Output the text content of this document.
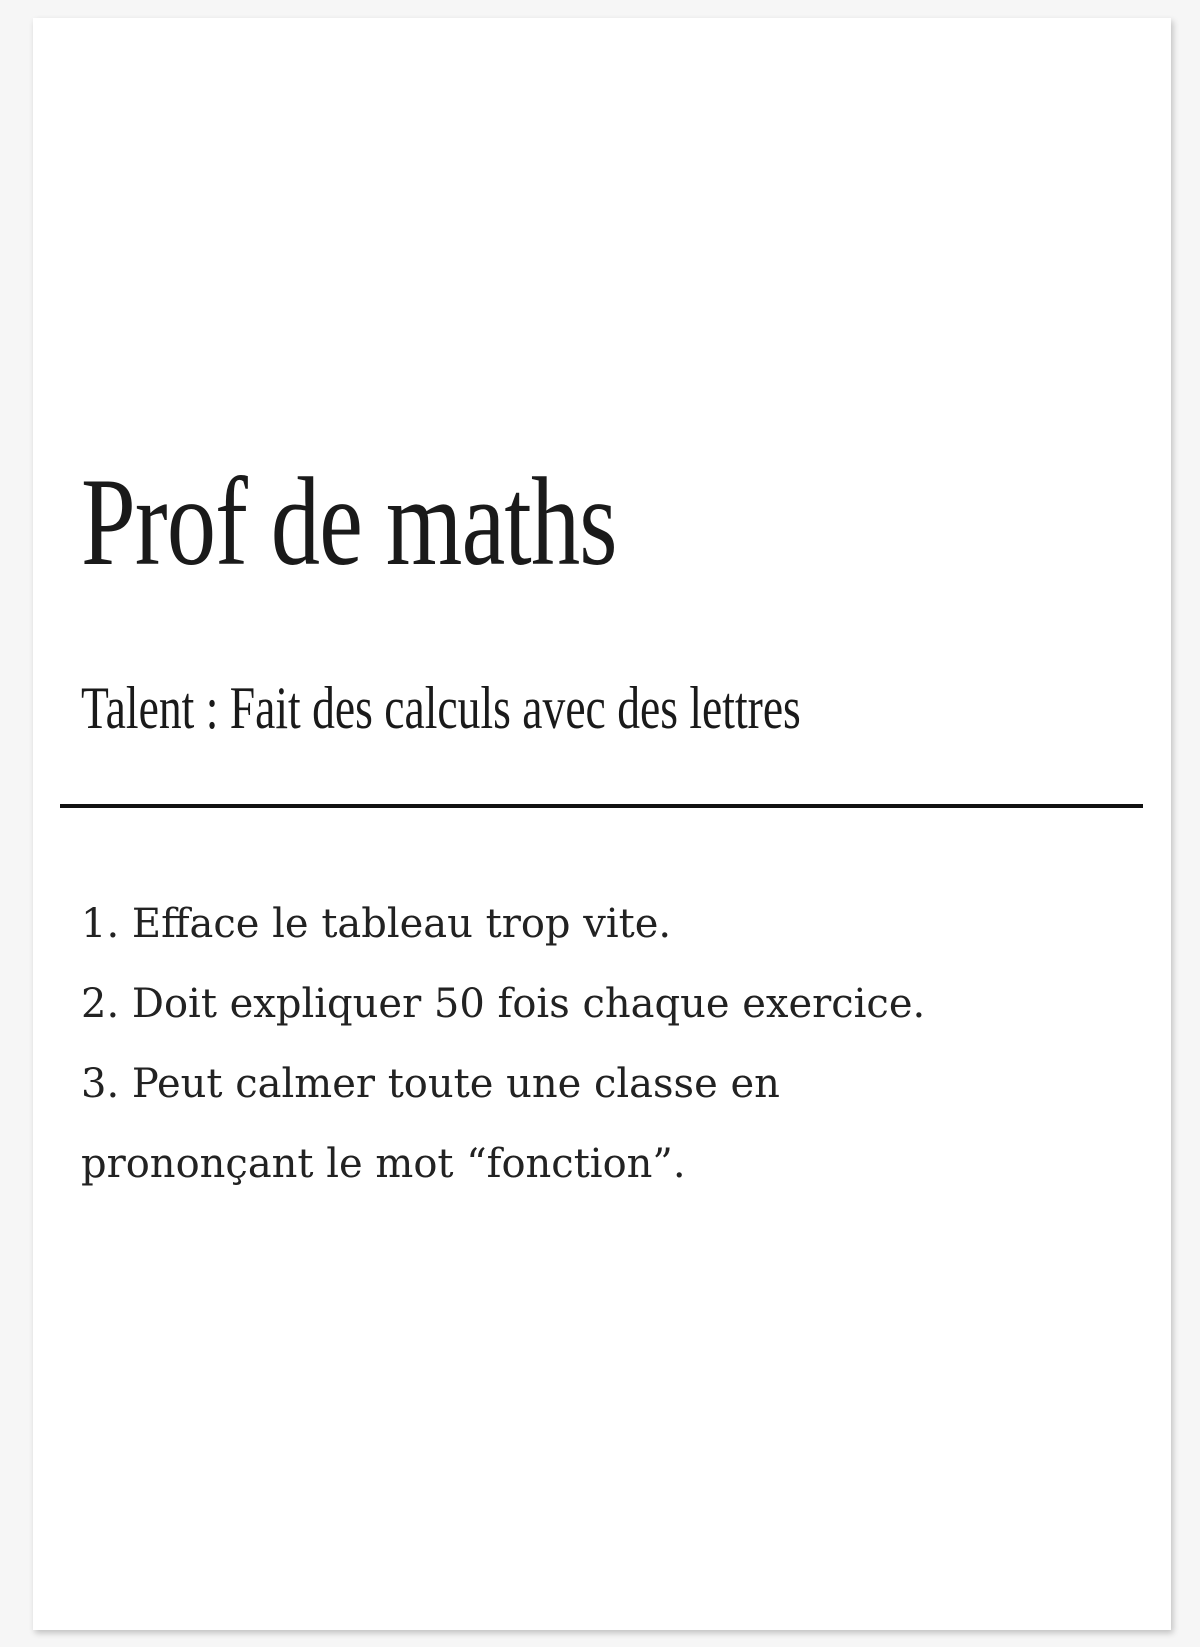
Prof de maths
Talent : Fait des calculs avec des lettres
1. Efface le tableau trop vite.
2. Doit expliquer 50 fois chaque exercice.
3. Peut calmer toute une classe en
prononçant le mot “fonction”.
